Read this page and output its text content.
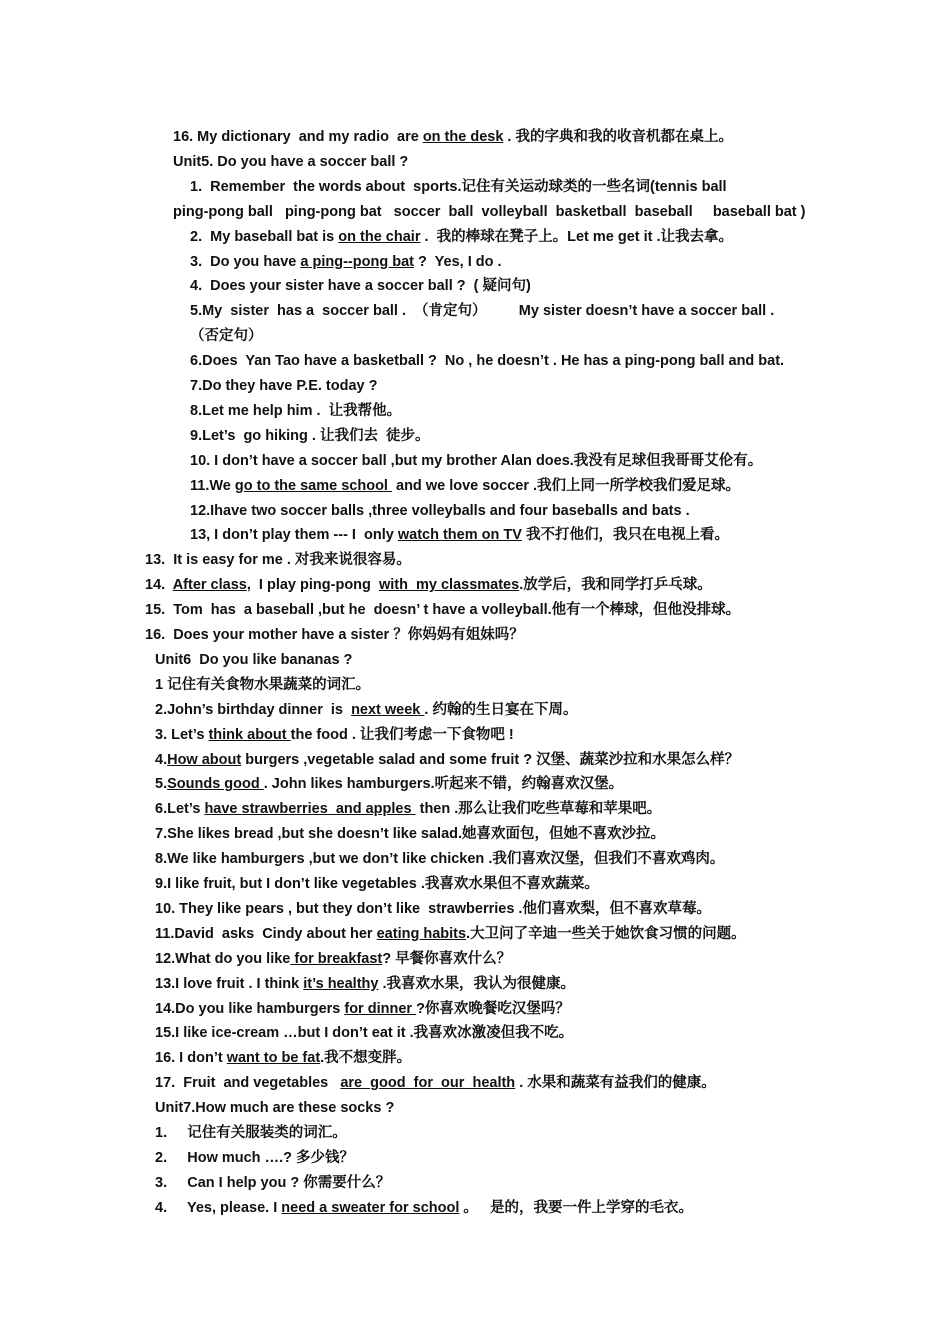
16. My dictionary  and my radio  are on the desk . 我的字典和我的收音机都在桌上。
Unit5. Do you have a soccer ball ?
1.  Remember  the words about  sports.记住有关运动球类的一些名词(tennis ball
ping-pong ball   ping-pong bat   soccer  ball  volleyball  basketball  baseball     baseball bat )
2.  My baseball bat is on the chair .  我的棒球在凳子上。Let me get it .让我去拿。
3.  Do you have a ping--pong bat ?  Yes, I do .
4.  Does your sister have a soccer ball ?  ( 疑问句)
5.My  sister  has a  soccer ball .  （肯定句）        My sister doesn’t have a soccer ball .
（否定句）
6.Does  Yan Tao have a basketball ?  No , he doesn’t . He has a ping-pong ball and bat.
7.Do they have P.E. today ?
8.Let me help him .  让我帮他。
9.Let’s  go hiking . 让我们去  徒步。
10. I don’t have a soccer ball ,but my brother Alan does.我没有足球但我哥哥艾伦有。
11.We go to the same school  and we love soccer .我们上同一所学校我们爱足球。
12.Ihave two soccer balls ,three volleyballs and four baseballs and bats .
13, I don’t play them --- I  only watch them on TV 我不打他们，我只在电视上看。
13.  It is easy for me . 对我来说很容易。
14.  After class,  I play ping-pong  with  my classmates.放学后，我和同学打乒乓球。
15.  Tom  has  a baseball ,but he  doesn’ t have a volleyball.他有一个棒球，但他没排球。
16.  Does your mother have a sister ？你妈妈有姐妹吗？
Unit6  Do you like bananas ?
1 记住有关食物水果蔬菜的词汇。
2.John’s birthday dinner  is  next week . 约翰的生日宴在下周。
3. Let’s think about the food . 让我们考虑一下食物吧 !
4.How about burgers ,vegetable salad and some fruit ? 汉堡、蔬菜沙拉和水果怎么样？
5.Sounds good . John likes hamburgers.听起来不错，约翰喜欢汉堡。
6.Let’s have strawberries  and apples  then .那么让我们吃些草莓和苹果吧。
7.She likes bread ,but she doesn’t like salad.她喜欢面包，但她不喜欢沙拉。
8.We like hamburgers ,but we don’t like chicken .我们喜欢汉堡，但我们不喜欢鸡肉。
9.I like fruit, but I don’t like vegetables .我喜欢水果但不喜欢蔬菜。
10. They like pears , but they don’t like  strawberries .他们喜欢梨，但不喜欢草莓。
11.David  asks  Cindy about her eating habits.大卫问了辛迪一些关于她饮食习惯的问题。
12.What do you like for breakfast? 早餐你喜欢什么？
13.I love fruit . I think it’s healthy .我喜欢水果，我认为很健康。
14.Do you like hamburgers for dinner ?你喜欢晚餐吃汉堡吗？
15.I like ice-cream …but I don’t eat it .我喜欢冰激凌但我不吃。
16. I don’t want to be fat.我不想变胖。
17.  Fruit  and vegetables   are  good  for  our  health . 水果和蔬菜有益我们的健康。
Unit7.How much are these socks ?
1.     记住有关服装类的词汇。
2.     How much ….? 多少钱？
3.     Can I help you ? 你需要什么？
4.     Yes, please. I need a sweater for school 。   是的，我要一件上学穿的毛衣。
